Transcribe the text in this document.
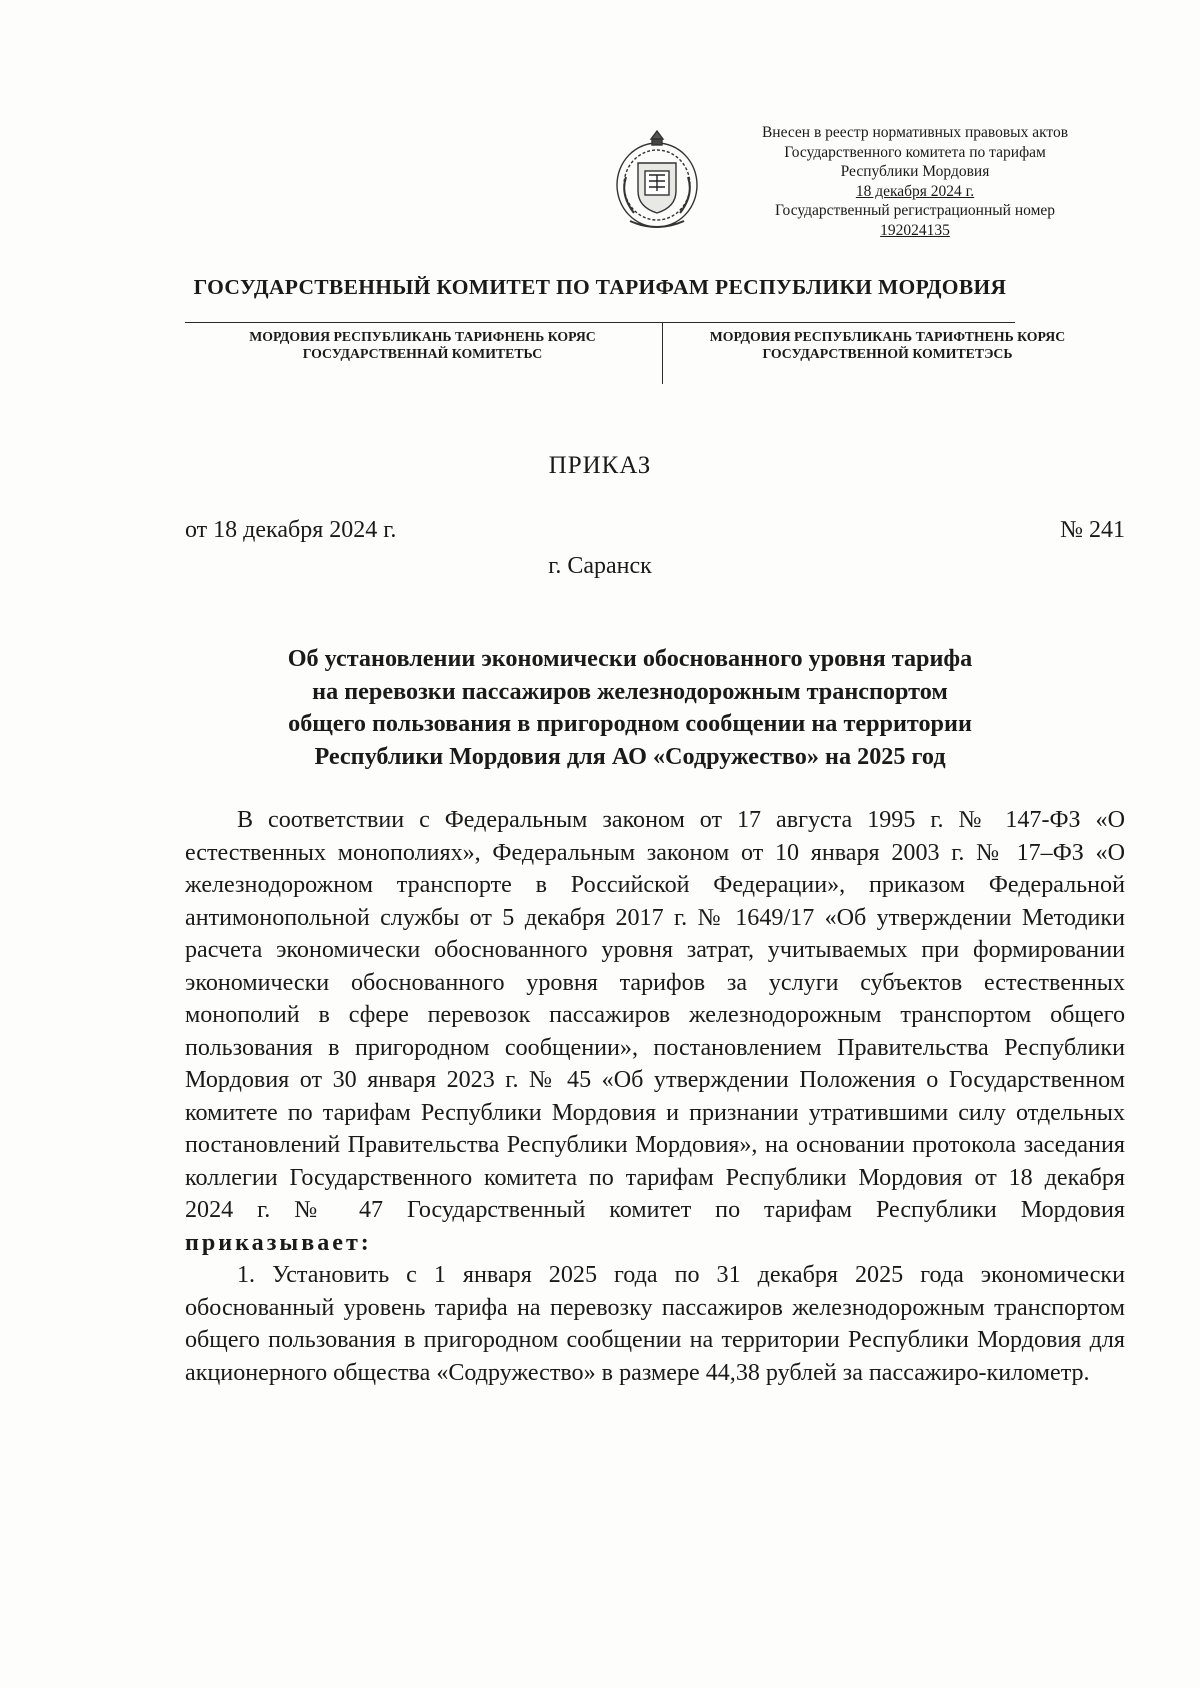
Внесен в реестр нормативных правовых актов
Государственного комитета по тарифам
Республики Мордовия
18 декабря 2024 г.
Государственный регистрационный номер
192024135
ГОСУДАРСТВЕННЫЙ КОМИТЕТ ПО ТАРИФАМ РЕСПУБЛИКИ МОРДОВИЯ
МОРДОВИЯ РЕСПУБЛИКАНЬ ТАРИФНЕНЬ КОРЯС
ГОСУДАРСТВЕННАЙ КОМИТЕТЬС
МОРДОВИЯ РЕСПУБЛИКАНЬ ТАРИФТНЕНЬ КОРЯС
ГОСУДАРСТВЕННОЙ КОМИТЕТЭСЬ
ПРИКАЗ
от 18 декабря 2024 г.	№ 241
г. Саранск
Об установлении экономически обоснованного уровня тарифа
на перевозки пассажиров железнодорожным транспортом
общего пользования в пригородном сообщении на территории
Республики Мордовия для АО «Содружество» на 2025 год

В соответствии с Федеральным законом от 17 августа 1995 г. № 147-ФЗ «О естественных монополиях», Федеральным законом от 10 января 2003 г. № 17–ФЗ «О железнодорожном транспорте в Российской Федерации», приказом Федеральной антимонопольной службы от 5 декабря 2017 г. № 1649/17 «Об утверждении Методики расчета экономически обоснованного уровня затрат, учитываемых при формировании экономически обоснованного уровня тарифов за услуги субъектов естественных монополий в сфере перевозок пассажиров железнодорожным транспортом общего пользования в пригородном сообщении», постановлением Правительства Республики Мордовия от 30 января 2023 г. № 45 «Об утверждении Положения о Государственном комитете по тарифам Республики Мордовия и признании утратившими силу отдельных постановлений Правительства Республики Мордовия», на основании протокола заседания коллегии Государственного комитета по тарифам Республики Мордовия от 18 декабря 2024 г. № 47 Государственный комитет по тарифам Республики Мордовия приказывает:

1. Установить с 1 января 2025 года по 31 декабря 2025 года экономически обоснованный уровень тарифа на перевозку пассажиров железнодорожным транспортом общего пользования в пригородном сообщении на территории Республики Мордовия для акционерного общества «Содружество» в размере 44,38 рублей за пассажиро-километр.
